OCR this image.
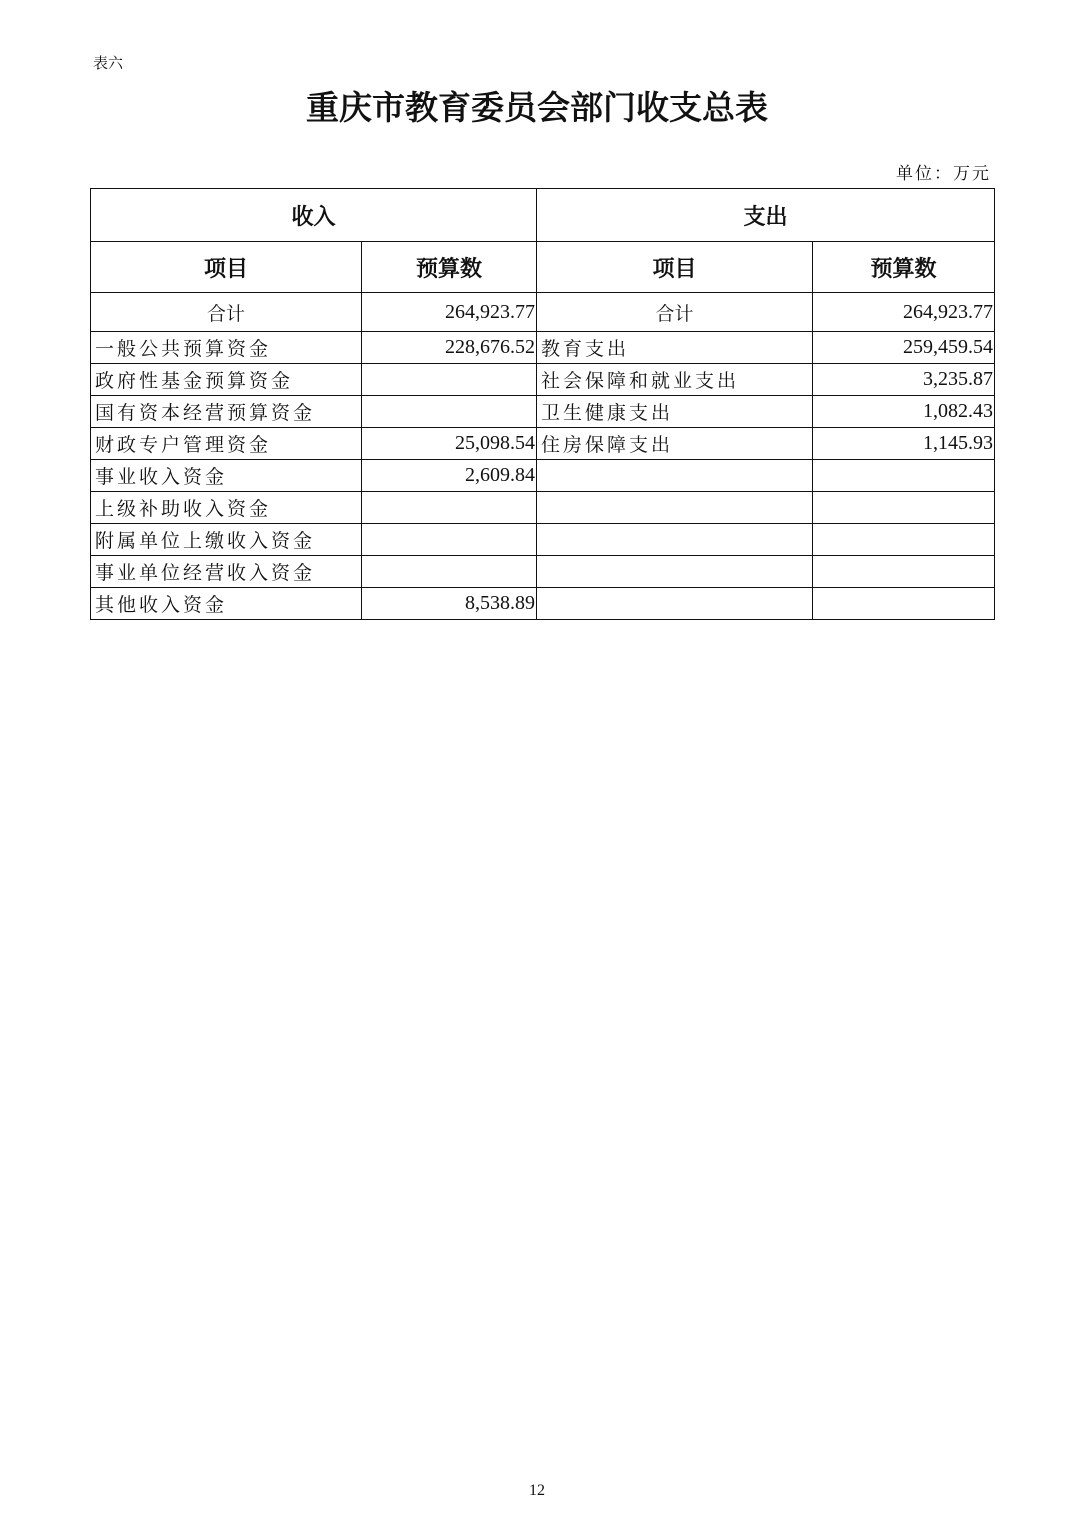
表六
重庆市教育委员会部门收支总表
单位：万元
收入		支出	
项目	预算数	项目	预算数
合计	264,923.77	合计	264,923.77
一般公共预算资金	228,676.52	教育支出	259,459.54
政府性基金预算资金		社会保障和就业支出	3,235.87
国有资本经营预算资金		卫生健康支出	1,082.43
财政专户管理资金	25,098.54	住房保障支出	1,145.93
事业收入资金	2,609.84		
上级补助收入资金			
附属单位上缴收入资金			
事业单位经营收入资金			
其他收入资金	8,538.89		
12
